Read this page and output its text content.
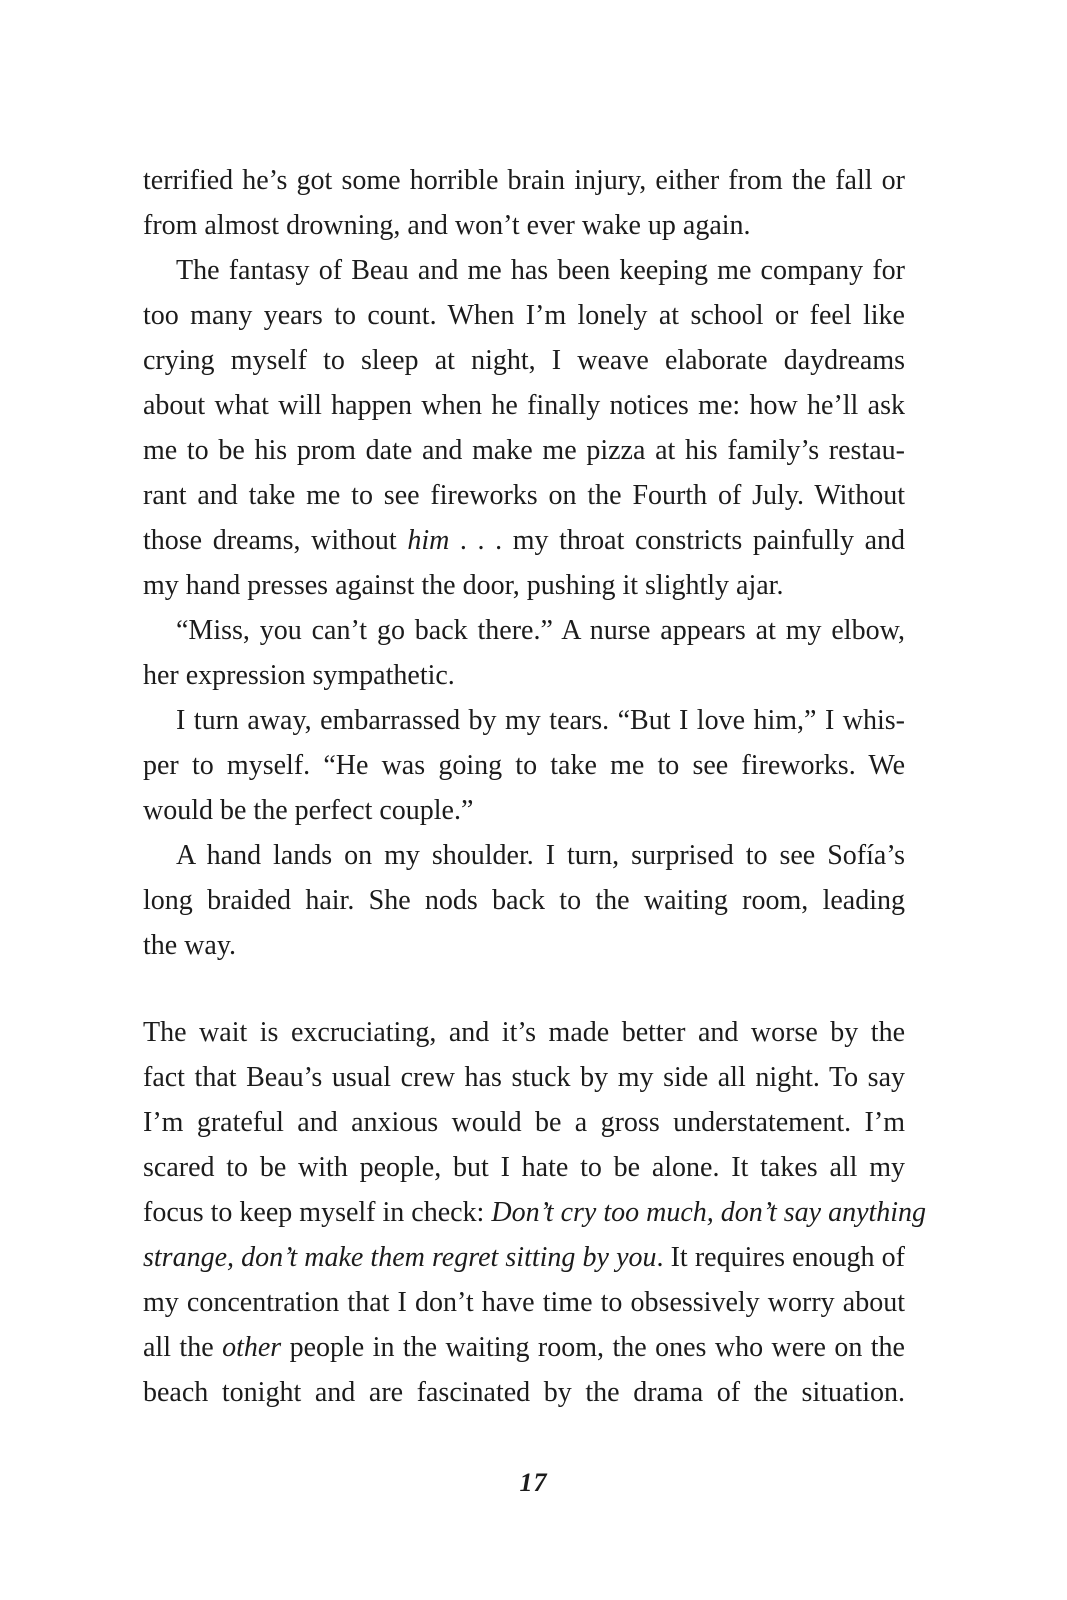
terrified he’s got some horrible brain injury, either from the fall or
from almost drowning, and won’t ever wake up again.
The fantasy of Beau and me has been keeping me company for
too many years to count. When I’m lonely at school or feel like
crying myself to sleep at night, I weave elaborate daydreams
about what will happen when he finally notices me: how he’ll ask
me to be his prom date and make me pizza at his family’s restau-
rant and take me to see fireworks on the Fourth of July. Without
those dreams, without him . . . my throat constricts painfully and
my hand presses against the door, pushing it slightly ajar.
“Miss, you can’t go back there.” A nurse appears at my elbow,
her expression sympathetic.
I turn away, embarrassed by my tears. “But I love him,” I whis-
per to myself. “He was going to take me to see fireworks. We
would be the perfect couple.”
A hand lands on my shoulder. I turn, surprised to see Sofía’s
long braided hair. She nods back to the waiting room, leading
the way.
The wait is excruciating, and it’s made better and worse by the
fact that Beau’s usual crew has stuck by my side all night. To say
I’m grateful and anxious would be a gross understatement. I’m
scared to be with people, but I hate to be alone. It takes all my
focus to keep myself in check: Don’t cry too much, don’t say anything
strange, don’t make them regret sitting by you. It requires enough of
my concentration that I don’t have time to obsessively worry about
all the other people in the waiting room, the ones who were on the
beach tonight and are fascinated by the drama of the situation.
17
